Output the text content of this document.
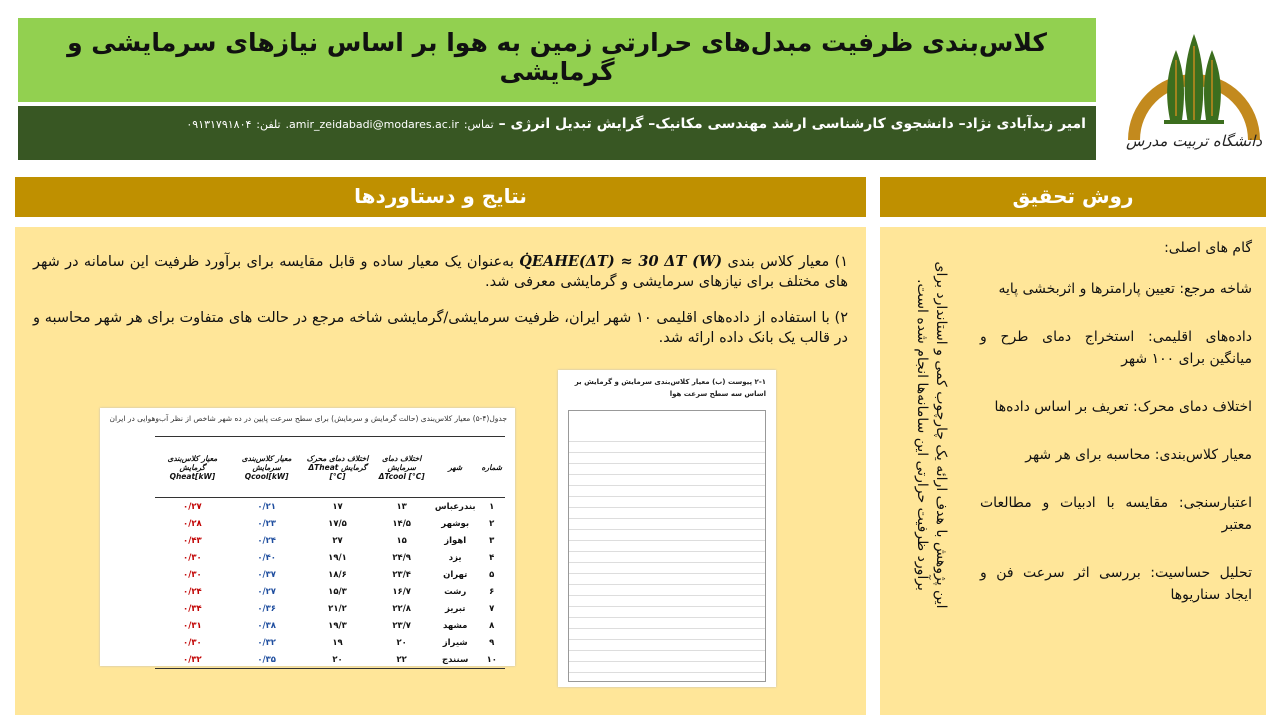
کلاس‌بندی ظرفیت مبدل‌های حرارتی زمین به هوا بر اساس نیازهای سرمایشی و گرمایشی
امیر زیدآبادی نژاد– دانشجوی کارشناسی ارشد مهندسی مکانیک– گرایش تبدیل انرژی – تماس: amir_zeidabadi@modares.ac.ir. تلفن: ۰۹۱۳۱۷۹۱۸۰۴
دانشگاه تربیت مدرس
نتایج و دستاوردها	روش تحقیق

۱) معیار کلاس بندی Q̇EAHE(ΔT) ≈ 30 ΔT (W) به‌عنوان یک معیار ساده و قابل مقایسه برای برآورد ظرفیت این سامانه در شهر های مختلف برای نیازهای سرمایشی و گرمایشی معرفی شد.

۲) با استفاده از داده‌های اقلیمی ۱۰ شهر ایران، ظرفیت سرمایشی/گرمایشی شاخه مرجع در حالت های متفاوت برای هر شهر محاسبه و در قالب یک بانک داده ارائه شد.

جدول(۴-۵) معیار کلاس‌بندی (حالت گرمایش و سرمایش) برای سطح سرعت پایین در ده شهر شاخص از نظر آب‌وهوایی در ایران
شماره	شهر	اختلاف دمای سرمایش ΔTcool [°C]	اختلاف دمای محرک گرمایش ΔTheat [°C]	معیار کلاس‌بندی سرمایش [kW]Qcool	معیار کلاس‌بندی گرمایش [kW]Qheat
۱	بندرعباس	۱۳	۱۷	۰/۲۱	۰/۲۷
۲	بوشهر	۱۴/۵	۱۷/۵	۰/۲۳	۰/۲۸
۳	اهواز	۱۵	۲۷	۰/۲۴	۰/۴۳
۴	یزد	۲۴/۹	۱۹/۱	۰/۴۰	۰/۳۰
۵	تهران	۲۳/۴	۱۸/۶	۰/۳۷	۰/۳۰
۶	رشت	۱۶/۷	۱۵/۳	۰/۲۷	۰/۲۴
۷	تبریز	۲۲/۸	۲۱/۲	۰/۳۶	۰/۳۴
۸	مشهد	۲۳/۷	۱۹/۳	۰/۳۸	۰/۳۱
۹	شیراز	۲۰	۱۹	۰/۳۲	۰/۳۰
۱۰	سنندج	۲۲	۲۰	۰/۳۵	۰/۳۲
۲-۱ پیوست (ب) معیار کلاس‌بندی سرمایش و گرمایش بر اساس سه سطح سرعت هوا	این پژوهش با هدف ارائه یک چارچوب کمی و استاندارد برای برآورد ظرفیت حرارتی این سامانه‌ها انجام شده است.

گام های اصلی:

شاخه مرجع: تعیین پارامترها و اثربخشی پایه

داده‌های اقلیمی: استخراج دمای طرح و میانگین برای ۱۰۰ شهر

اختلاف دمای محرک: تعریف بر اساس داده‌ها

معیار کلاس‌بندی: محاسبه برای هر شهر

اعتبارسنجی: مقایسه با ادبیات و مطالعات معتبر

تحلیل حساسیت: بررسی اثر سرعت فن و ایجاد سناریوها
